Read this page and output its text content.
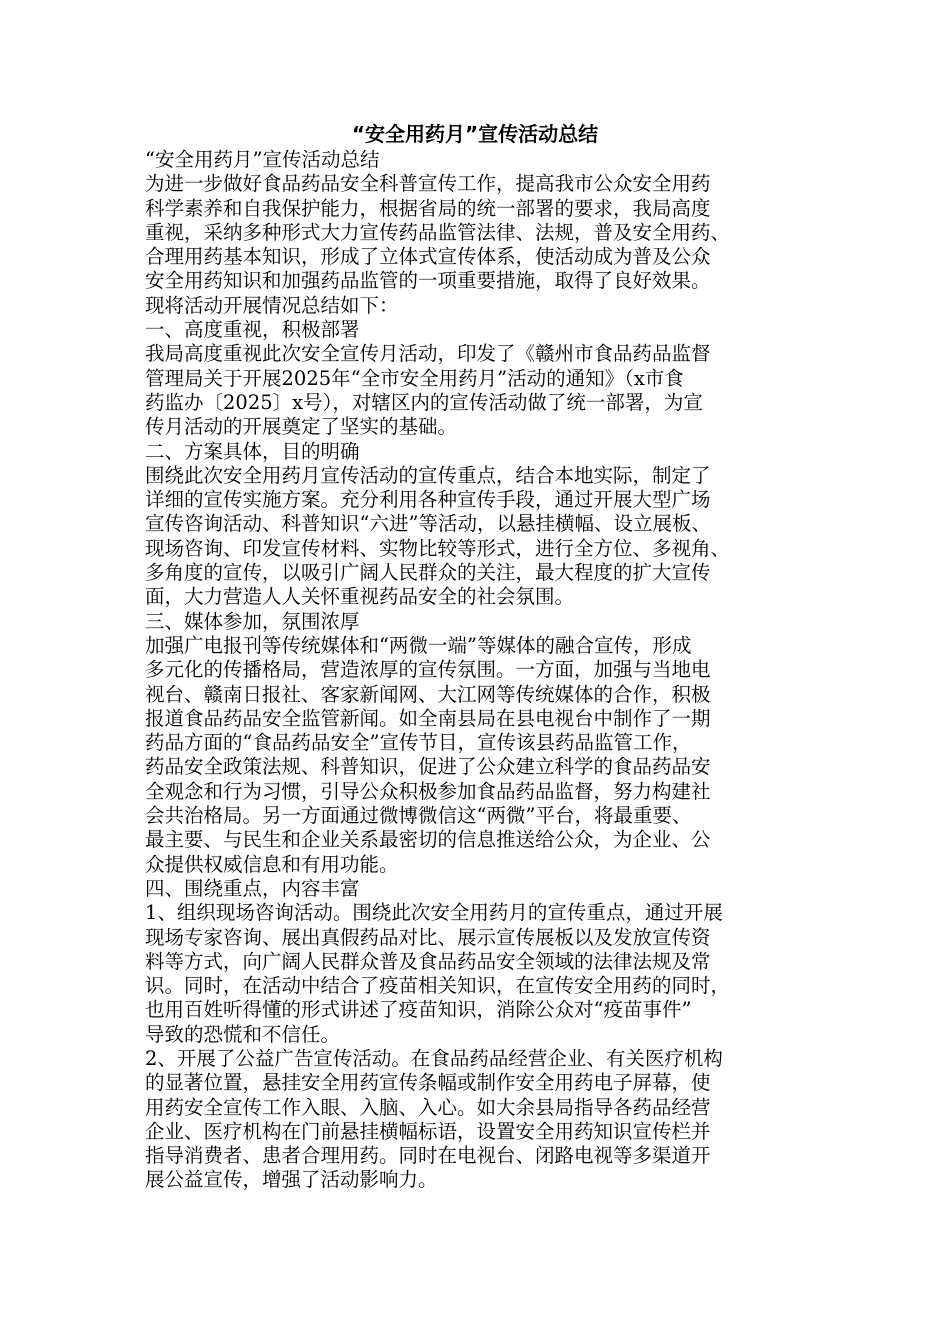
“安全用药月”宣传活动总结
“安全用药月”宣传活动总结
为进一步做好食品药品安全科普宣传工作，提高我市公众安全用药
科学素养和自我保护能力，根据省局的统一部署的要求，我局高度
重视，采纳多种形式大力宣传药品监管法律、法规，普及安全用药、
合理用药基本知识，形成了立体式宣传体系，使活动成为普及公众
安全用药知识和加强药品监管的一项重要措施，取得了良好效果。
现将活动开展情况总结如下：
一、高度重视，积极部署
我局高度重视此次安全宣传月活动，印发了《赣州市食品药品监督
管理局关于开展2025年“全市安全用药月”活动的通知》（x市食
药监办〔2025〕x号），对辖区内的宣传活动做了统一部署，为宣
传月活动的开展奠定了坚实的基础。
二、方案具体，目的明确
围绕此次安全用药月宣传活动的宣传重点，结合本地实际，制定了
详细的宣传实施方案。充分利用各种宣传手段，通过开展大型广场
宣传咨询活动、科普知识“六进”等活动，以悬挂横幅、设立展板、
现场咨询、印发宣传材料、实物比较等形式，进行全方位、多视角、
多角度的宣传，以吸引广阔人民群众的关注，最大程度的扩大宣传
面，大力营造人人关怀重视药品安全的社会氛围。
三、媒体参加，氛围浓厚
加强广电报刊等传统媒体和“两微一端”等媒体的融合宣传，形成
多元化的传播格局，营造浓厚的宣传氛围。一方面，加强与当地电
视台、赣南日报社、客家新闻网、大江网等传统媒体的合作，积极
报道食品药品安全监管新闻。如全南县局在县电视台中制作了一期
药品方面的“食品药品安全”宣传节目，宣传该县药品监管工作，
药品安全政策法规、科普知识，促进了公众建立科学的食品药品安
全观念和行为习惯，引导公众积极参加食品药品监督，努力构建社
会共治格局。另一方面通过微博微信这“两微”平台，将最重要、
最主要、与民生和企业关系最密切的信息推送给公众，为企业、公
众提供权威信息和有用功能。
四、围绕重点，内容丰富
1、组织现场咨询活动。围绕此次安全用药月的宣传重点，通过开展
现场专家咨询、展出真假药品对比、展示宣传展板以及发放宣传资
料等方式，向广阔人民群众普及食品药品安全领域的法律法规及常
识。同时，在活动中结合了疫苗相关知识，在宣传安全用药的同时，
也用百姓听得懂的形式讲述了疫苗知识，消除公众对“疫苗事件”
导致的恐慌和不信任。
2、开展了公益广告宣传活动。在食品药品经营企业、有关医疗机构
的显著位置，悬挂安全用药宣传条幅或制作安全用药电子屏幕，使
用药安全宣传工作入眼、入脑、入心。如大余县局指导各药品经营
企业、医疗机构在门前悬挂横幅标语，设置安全用药知识宣传栏并
指导消费者、患者合理用药。同时在电视台、闭路电视等多渠道开
展公益宣传，增强了活动影响力。
